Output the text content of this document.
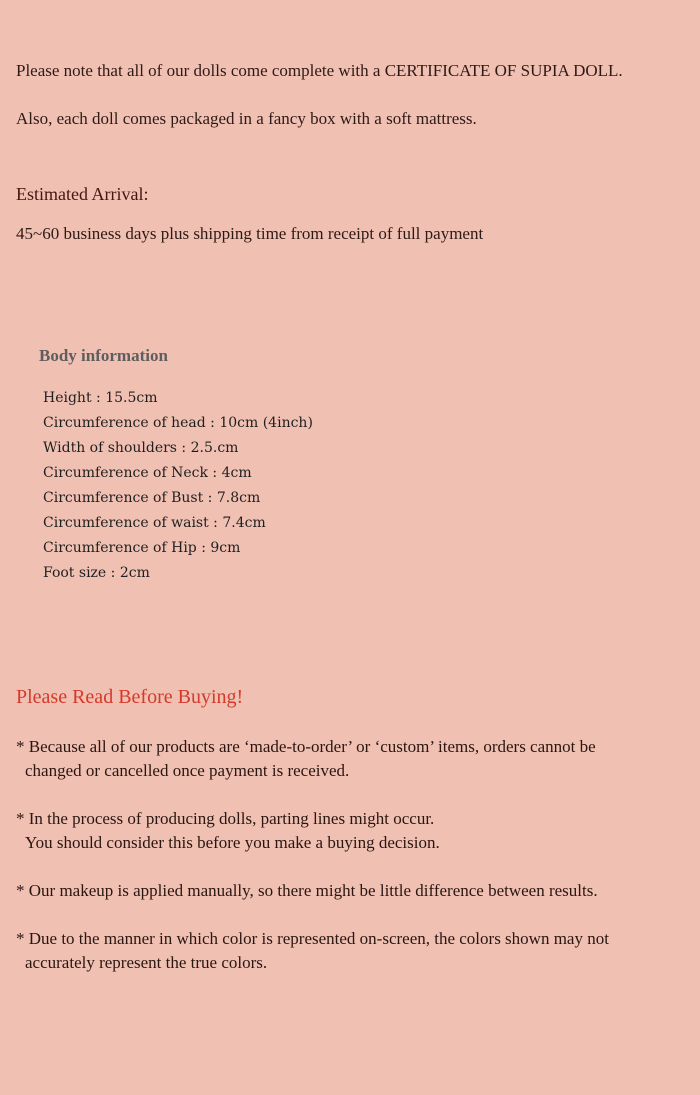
Please note that all of our dolls come complete with a CERTIFICATE OF SUPIA DOLL.
Also, each doll comes packaged in a fancy box with a soft mattress.
Estimated Arrival:
45~60 business days plus shipping time from receipt of full payment
Body information
Height : 15.5cm
Circumference of head : 10cm (4inch)
Width of shoulders : 2.5.cm
Circumference of Neck : 4cm
Circumference of Bust : 7.8cm
Circumference of waist : 7.4cm
Circumference of Hip : 9cm
Foot size : 2cm
Please Read Before Buying!
* Because all of our products are ‘made-to-order’ or ‘custom’ items, orders cannot be
changed or cancelled once payment is received.
* In the process of producing dolls, parting lines might occur.
You should consider this before you make a buying decision.
* Our makeup is applied manually, so there might be little difference between results.
* Due to the manner in which color is represented on-screen, the colors shown may not
accurately represent the true colors.
